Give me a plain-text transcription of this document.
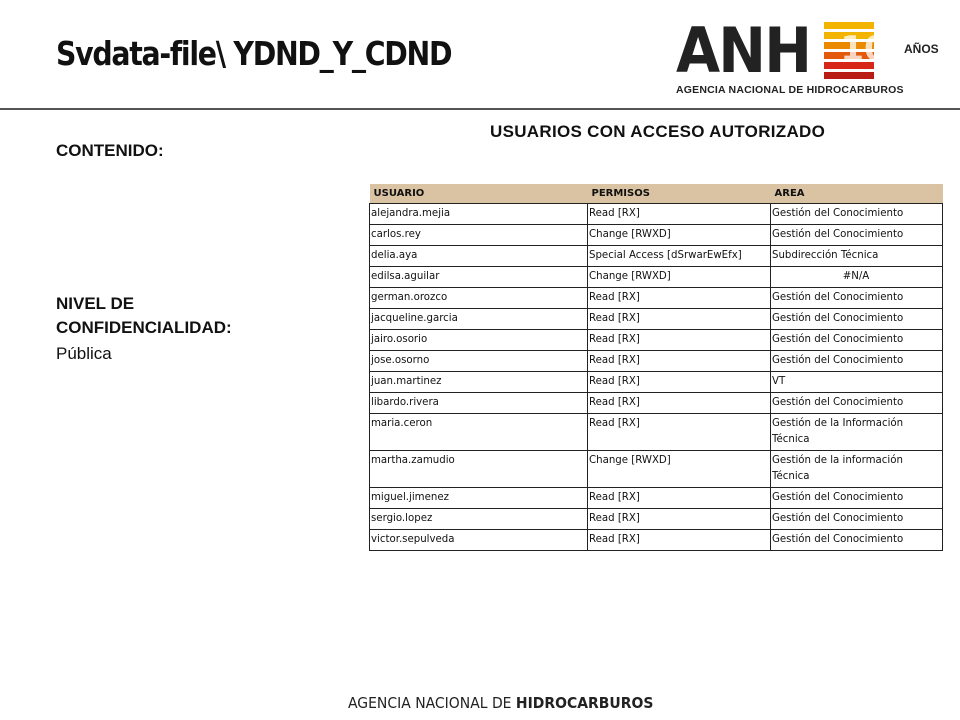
Svdata-file\ YDND_Y_CDND	ANH 10 AÑOS
AGENCIA NACIONAL DE HIDROCARBUROS
CONTENIDO:
NIVEL DE CONFIDENCIALIDAD:
Pública
USUARIOS CON ACCESO AUTORIZADO
USUARIO	PERMISOS	AREA
alejandra.mejia	Read [RX]	Gestión del Conocimiento
carlos.rey	Change [RWXD]	Gestión del Conocimiento
delia.aya	Special Access [dSrwarEwEfx]	Subdirección Técnica
edilsa.aguilar	Change [RWXD]	#N/A
german.orozco	Read [RX]	Gestión del Conocimiento
jacqueline.garcia	Read [RX]	Gestión del Conocimiento
jairo.osorio	Read [RX]	Gestión del Conocimiento
jose.osorno	Read [RX]	Gestión del Conocimiento
juan.martinez	Read [RX]	VT
libardo.rivera	Read [RX]	Gestión del Conocimiento
maria.ceron	Read [RX]	Gestión de la Información Técnica
martha.zamudio	Change [RWXD]	Gestión de la información Técnica
miguel.jimenez	Read [RX]	Gestión del Conocimiento
sergio.lopez	Read [RX]	Gestión del Conocimiento
victor.sepulveda	Read [RX]	Gestión del Conocimiento
AGENCIA NACIONAL DE HIDROCARBUROS
